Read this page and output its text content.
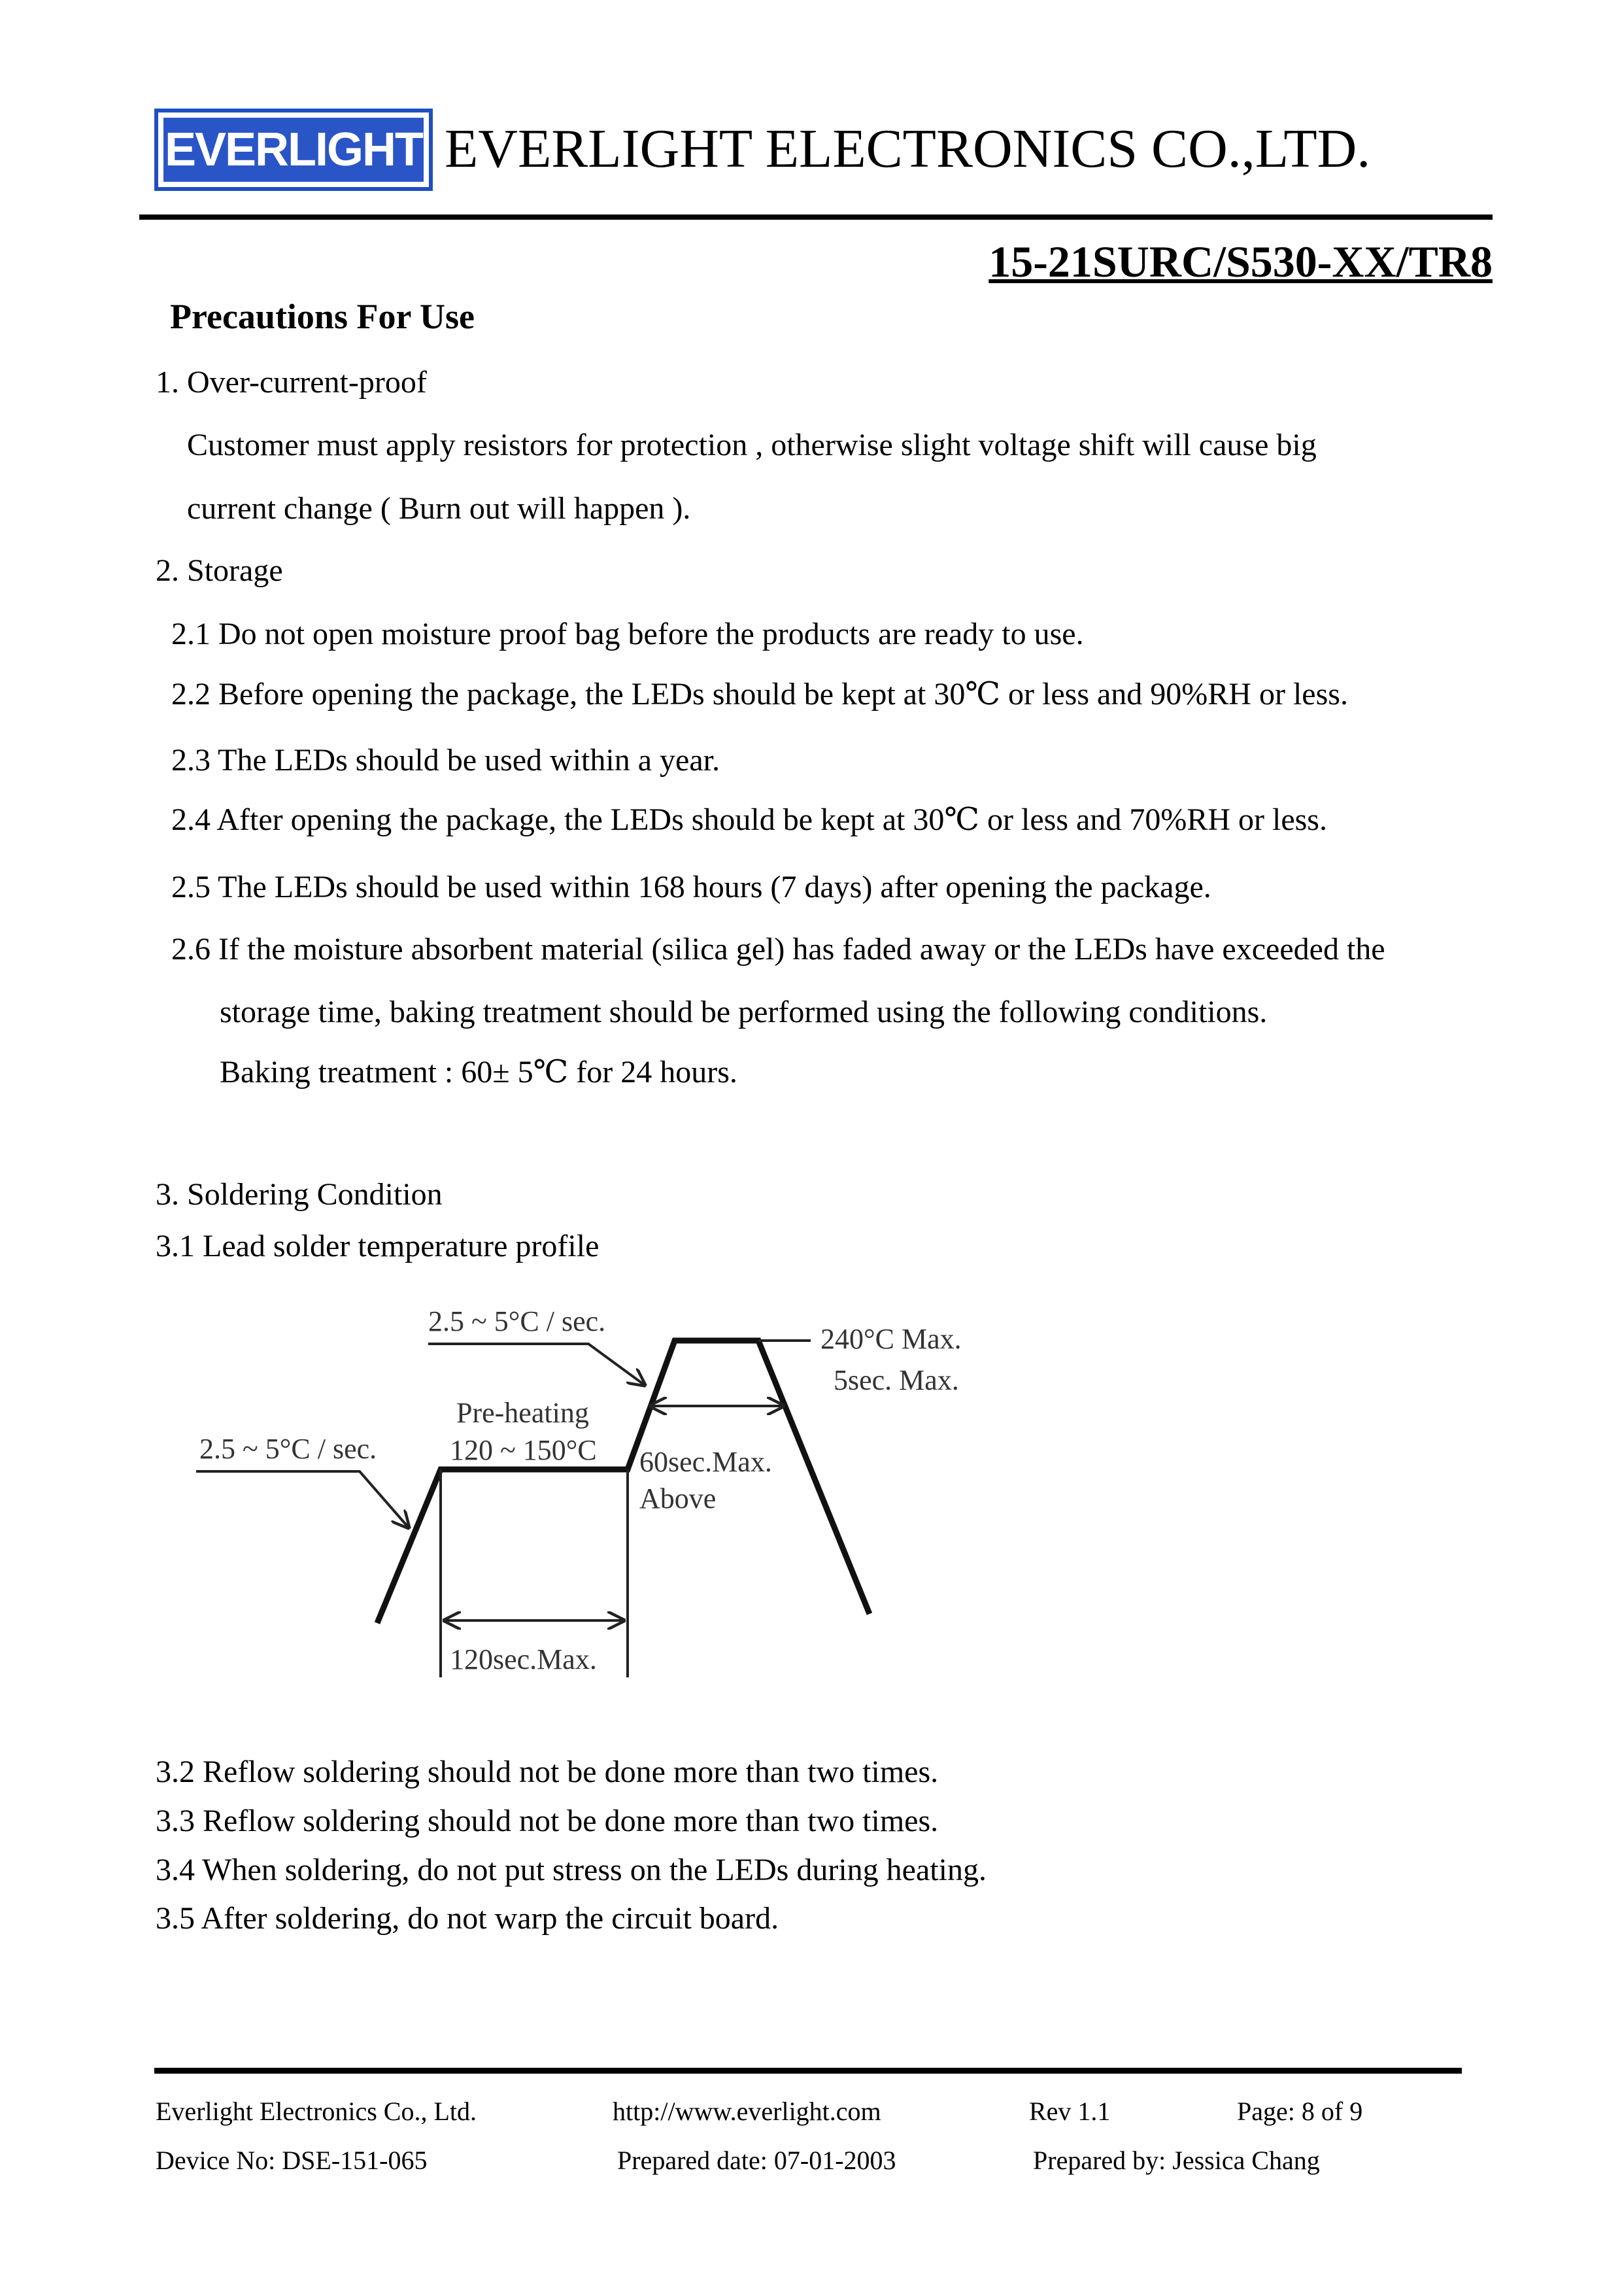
EVERLIGHT EVERLIGHT ELECTRONICS CO.,LTD.
15-21SURC/S530-XX/TR8
Precautions For Use
1. Over-current-proof
Customer must apply resistors for protection , otherwise slight voltage shift will cause big
current change ( Burn out will happen ).
2. Storage
2.1 Do not open moisture proof bag before the products are ready to use.
2.2 Before opening the package, the LEDs should be kept at 30℃ or less and 90%RH or less.
2.3 The LEDs should be used within a year.
2.4 After opening the package, the LEDs should be kept at 30℃ or less and 70%RH or less.
2.5 The LEDs should be used within 168 hours (7 days) after opening the package.
2.6 If the moisture absorbent material (silica gel) has faded away or the LEDs have exceeded the
storage time, baking treatment should be performed using the following conditions.
Baking treatment : 60± 5℃ for 24 hours.
3. Soldering Condition
3.1 Lead solder temperature profile
2.5 ~ 5°C / sec.
2.5 ~ 5°C / sec.
Pre-heating
120 ~ 150°C
240°C Max.
5sec. Max.
60sec.Max.
Above
120sec.Max.
3.2 Reflow soldering should not be done more than two times.
3.3 Reflow soldering should not be done more than two times.
3.4 When soldering, do not put stress on the LEDs during heating.
3.5 After soldering, do not warp the circuit board.
Everlight Electronics Co., Ltd.	http://www.everlight.com	Rev 1.1	Page: 8 of 9
Device No: DSE-151-065	Prepared date: 07-01-2003	Prepared by: Jessica Chang
